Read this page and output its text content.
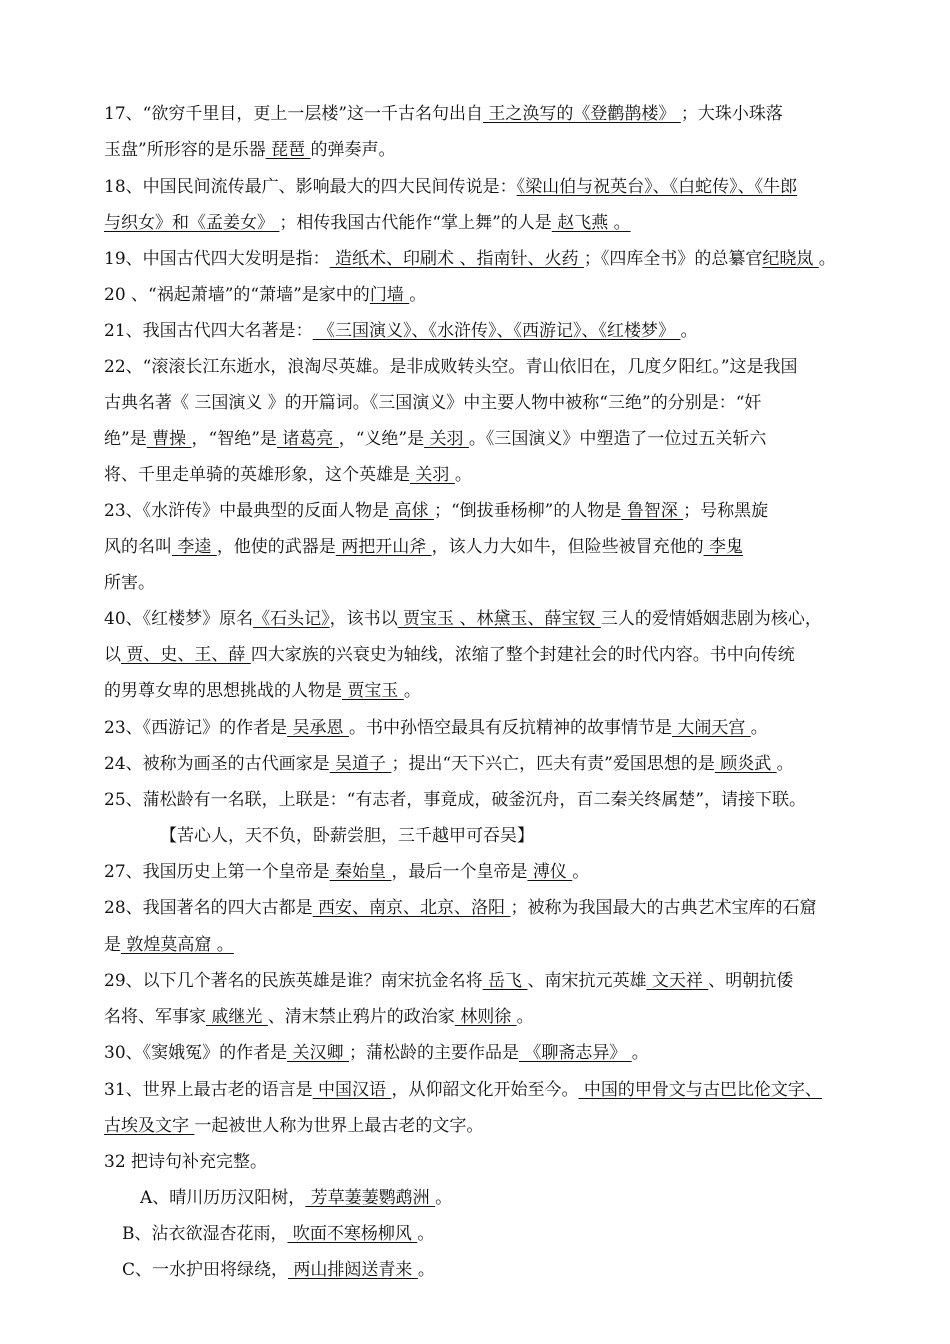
17、“欲穷千里目，更上一层楼”这一千古名句出自 王之涣写的《登鹳鹊楼》 ；大珠小珠落
玉盘”所形容的是乐器 琵琶 的弹奏声。
18、中国民间流传最广、影响最大的四大民间传说是：《梁山伯与祝英台》、《白蛇传》、《牛郎
与织女》和《孟姜女》 ；相传我国古代能作“掌上舞”的人是 赵飞燕 。
19、中国古代四大发明是指： 造纸术、印刷术 、指南针、火药 ；《四库全书》的总纂官纪晓岚 。
20 、“祸起萧墙”的“萧墙”是家中的门墙 。
21、我国古代四大名著是： 《三国演义》、《水浒传》、《西游记》、《红楼梦》 。
22、“滚滚长江东逝水，浪淘尽英雄。是非成败转头空。青山依旧在，几度夕阳红。”这是我国
古典名著《 三国演义 》的开篇词。《三国演义》中主要人物中被称“三绝”的分别是：“奸
绝”是 曹操 ，“智绝”是 诸葛亮 ，“义绝”是 关羽 。《三国演义》中塑造了一位过五关斩六
将、千里走单骑的英雄形象，这个英雄是 关羽 。
23、《水浒传》中最典型的反面人物是 高俅 ；“倒拔垂杨柳”的人物是 鲁智深 ；号称黑旋
风的名叫 李逵 ，他使的武器是 两把开山斧 ，该人力大如牛，但险些被冒充他的 李鬼
所害。
40、《红楼梦》原名《石头记》，该书以 贾宝玉 、林黛玉、薛宝钗 三人的爱情婚姻悲剧为核心，
以 贾、史、王、薛 四大家族的兴衰史为轴线，浓缩了整个封建社会的时代内容。书中向传统
的男尊女卑的思想挑战的人物是 贾宝玉 。
23、《西游记》的作者是 吴承恩 。书中孙悟空最具有反抗精神的故事情节是 大闹天宫 。
24、被称为画圣的古代画家是 吴道子 ；提出“天下兴亡，匹夫有责”爱国思想的是 顾炎武 。
25、蒲松龄有一名联，上联是：“有志者，事竟成，破釜沉舟，百二秦关终属楚”，请接下联。
【苦心人，天不负，卧薪尝胆，三千越甲可吞吴】
27、我国历史上第一个皇帝是 秦始皇 ，最后一个皇帝是 溥仪 。
28、我国著名的四大古都是 西安、南京、北京、洛阳 ；被称为我国最大的古典艺术宝库的石窟
是 敦煌莫高窟 。
29、以下几个著名的民族英雄是谁？南宋抗金名将 岳飞 、南宋抗元英雄 文天祥 、明朝抗倭
名将、军事家 戚继光 、清末禁止鸦片的政治家 林则徐 。
30、《窦娥冤》的作者是 关汉卿 ；蒲松龄的主要作品是 《聊斋志异》 。
31、世界上最古老的语言是 中国汉语 ，从仰韶文化开始至今。 中国的甲骨文与古巴比伦文字、
古埃及文字 一起被世人称为世界上最古老的文字。
32 把诗句补充完整。
A、晴川历历汉阳树， 芳草萋萋鹦鹉洲 。
B、沾衣欲湿杏花雨， 吹面不寒杨柳风 。
C、一水护田将绿绕， 两山排闼送青来 。
